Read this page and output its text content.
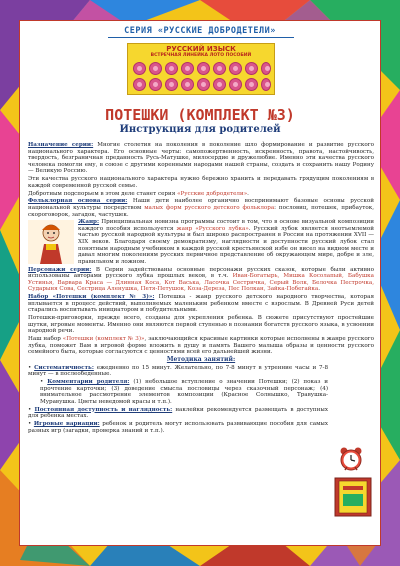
СЕРИЯ «РУССКИЕ ДОБРОДЕТЕЛИ»
РУССКИЙ ИЗЫСК
ВСТРЕЧНАЯ ЛИНЕЙКА ЛОТО ПОСОБИЙ
ПОТЕШКИ (КОМПЛЕКТ №3)
Инструкция для родителей

Назначение серии: Многие столетия на поколения в поколение шло формирование и развитие русского национального характера. Его основные черты: самопожертвенность, искренность, правота, настойчивость, твердость, безграничная преданность Русь-Матушке, милосердие и дружелюбие. Именно эти качества русского человека помогли ему, в союзе с другими коренными народами нашей страны, создать и сохранить нашу Родину — Великую Россию.

Эти качества русского национального характера нужно бережно хранить и передавать грядущим поколениям в каждой современной русской семье.

Добротным подспорьем в этом деле станет серия «Русские добродетели».

Фольклорная основа серии: Наши дети наиболее органично воспринимают базовые основы русской национальной культуры посредством малых форм русского детского фольклора: пословиц, потешек, прибауток, скороговорок, загадок, частушек.

Жанр: Принципиальная новизна программы состоит в том, что в основе визуальной композиции каждого пособия используется жанр «Русского лубка». Русский лубок является неотъемлемой частью русской народной культуры и был широко распространен в России на протяжении XVII — XIX веков. Благодаря своему демократизму, наглядности и доступности русский лубок стал понятным народным учебником в каждой русской крестьянской избе он висел на видном месте и давал многим поколениям русских первичное представление об окружающем мире, добре и зле, правильном и ложном.

Персонажи серии: В Серии задействованы основные персонажи русских сказок, которые были активно использованы авторами русского лубка прошлых веков, в т.ч. Иван-Богатырь, Мишка Косолапый, Бабушка Устинья, Варвара Краса — Длинная Коса, Кот Васька, Ласочка Сестричка, Серый Волк, Белочка Пестрочка, Сударыня Сова, Сестрица Аленушка, Петя-Петушок, Коза-Дереза, Пес Полкан, Зайка-Побегайка.

Набор «Потешки (комплект № 3)»: Потешка - жанр русского детского народного творчества, которая вплывается в процесс действий, выполняемых маленьким ребенком вместе с взрослым. В Древней Руси детей старались воспитывать инициатором и побудительными.

Потешки-приговорки, прежде всего, созданы для укрепления ребенка. В сюжете присутствуют простейшие шутки, игровые моменты. Именно они являются первой ступенью в познании богатств русского языка, в усвоении народной речи.

Наш набор «Потешки (комплект № 3)», заключающийся красивые картинки которые исполнены в жанре русского лубка, поможет Вам в игровой форме вложить в душу и память Вашего малыша образы и ценности русского семейного быта, которые согласуются с ценностями всей его дальнейшей жизни.

Методика занятий:

• Систематичность: ежедневно по 15 минут. Желательно, по 7-8 минут в утренние часы и 7-8 минут — в послеобеденные.

• Комментарии родителя: (1) небольшое вступление о значении Потешки; (2) показ и прочтение карточки; (3) доведение смысла пословицы через сказочный персонаж; (4) внимательное рассмотрение элементов композиции (Красное Солнышко, Травушка-Муравушка. Цветы неведомой красы и т.п.).

• Постоянная доступность и наглядность: наклейки рекомендуется размещать в доступных для ребенка местах.

• Игровые вариации: ребенок и родитель могут использовать развивающие пособия для самых разных игр (загадки, проверка знаний и т.п.).
